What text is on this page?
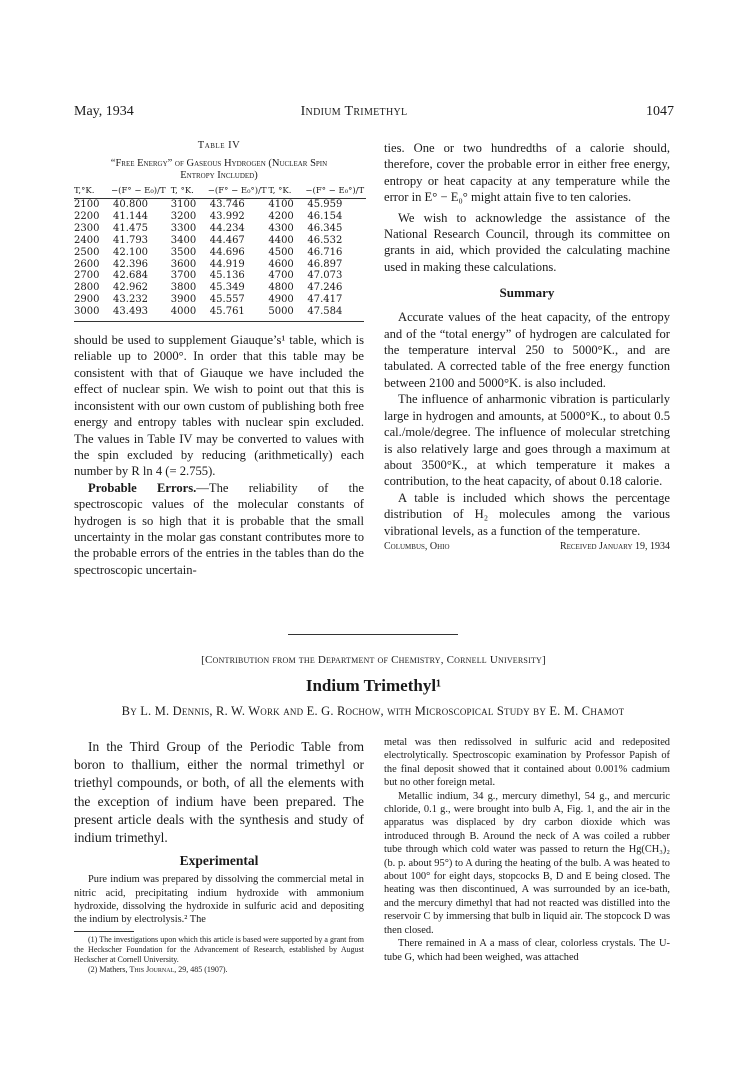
May, 1934	Indium Trimethyl	1047
Table IV
“Free Energy” of Gaseous Hydrogen (Nuclear Spin
Entropy Included)
T,°K.	−(F° − E₀)/T	T, °K.	−(F° − E₀°)/T	T, °K.	−(F° − E₀°)/T
2100	40.800	3100	43.746	4100	45.959
2200	41.144	3200	43.992	4200	46.154
2300	41.475	3300	44.234	4300	46.345
2400	41.793	3400	44.467	4400	46.532
2500	42.100	3500	44.696	4500	46.716
2600	42.396	3600	44.919	4600	46.897
2700	42.684	3700	45.136	4700	47.073
2800	42.962	3800	45.349	4800	47.246
2900	43.232	3900	45.557	4900	47.417
3000	43.493	4000	45.761	5000	47.584

should be used to supplement Giauque’s¹ table, which is reliable up to 2000°. In order that this table may be consistent with that of Giauque we have included the effect of nuclear spin. We wish to point out that this is inconsistent with our own custom of publishing both free energy and entropy tables with nuclear spin excluded. The values in Table IV may be converted to values with the spin excluded by reducing (arithmetically) each number by R ln 4 (= 2.755).

Probable Errors.—The reliability of the spectroscopic values of the molecular constants of hydrogen is so high that it is probable that the small uncertainty in the molar gas constant contributes more to the probable errors of the entries in the tables than do the spectroscopic uncertain-

ties. One or two hundredths of a calorie should, therefore, cover the probable error in either free energy, entropy or heat capacity at any temperature while the error in E° − E₀° might attain five to ten calories.

We wish to acknowledge the assistance of the National Research Council, through its committee on grants in aid, which provided the calculating machine used in making these calculations.

Summary

Accurate values of the heat capacity, of the entropy and of the “total energy” of hydrogen are calculated for the temperature interval 250 to 5000°K., and are tabulated. A corrected table of the free energy function between 2100 and 5000°K. is also included.

The influence of anharmonic vibration is particularly large in hydrogen and amounts, at 5000°K., to about 0.5 cal./mole/degree. The influence of molecular stretching is also relatively large and goes through a maximum at about 3500°K., at which temperature it makes a contribution, to the heat capacity, of about 0.18 calorie.

A table is included which shows the percentage distribution of H₂ molecules among the various vibrational levels, as a function of the temperature.

Columbus, Ohio	Received January 19, 1934
[Contribution from the Department of Chemistry, Cornell University]
Indium Trimethyl¹
By L. M. Dennis, R. W. Work and E. G. Rochow, with Microscopical Study by E. M. Chamot

In the Third Group of the Periodic Table from boron to thallium, either the normal trimethyl or triethyl compounds, or both, of all the elements with the exception of indium have been prepared. The present article deals with the synthesis and study of indium trimethyl.

Experimental

Pure indium was prepared by dissolving the commercial metal in nitric acid, precipitating indium hydroxide with ammonium hydroxide, dissolving the hydroxide in sulfuric acid and depositing the indium by electrolysis.² The

(1) The investigations upon which this article is based were supported by a grant from the Heckscher Foundation for the Advancement of Research, established by August Heckscher at Cornell University.

(2) Mathers, This Journal, 29, 485 (1907).

metal was then redissolved in sulfuric acid and redeposited electrolytically. Spectroscopic examination by Professor Papish of the final deposit showed that it contained about 0.001% cadmium but no other foreign metal.

Metallic indium, 34 g., mercury dimethyl, 54 g., and mercuric chloride, 0.1 g., were brought into bulb A, Fig. 1, and the air in the apparatus was displaced by dry carbon dioxide which was introduced through B. Around the neck of A was coiled a rubber tube through which cold water was passed to return the Hg(CH₃)₂ (b. p. about 95°) to A during the heating of the bulb. A was heated to about 100° for eight days, stopcocks B, D and E being closed. The heating was then discontinued, A was surrounded by an ice-bath, and the mercury dimethyl that had not reacted was distilled into the reservoir C by immersing that bulb in liquid air. The stopcock D was then closed.

There remained in A a mass of clear, colorless crystals. The U-tube G, which had been weighed, was attached
